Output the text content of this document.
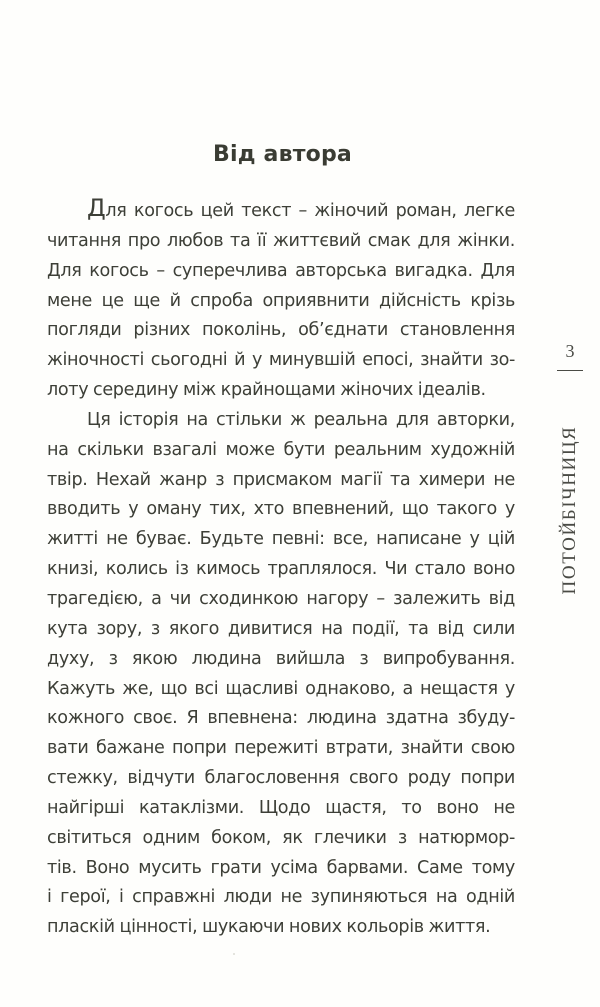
Від автора
Для когось цей текст – жіночий роман, легке
читання про любов та її життєвий смак для жінки.
Для когось – суперечлива авторська вигадка. Для
мене це ще й спроба оприявнити дійсність крізь
погляди різних поколінь, об’єднати становлення
жіночності сьогодні й у минувшій епосі, знайти зо-
лоту середину між крайнощами жіночих ідеалів.
Ця історія на стільки ж реальна для авторки,
на скільки взагалі може бути реальним художній
твір. Нехай жанр з присмаком магії та химери не
вводить у оману тих, хто впевнений, що такого у
житті не буває. Будьте певні: все, написане у цій
книзі, колись із кимось траплялося. Чи стало воно
трагедією, а чи сходинкою нагору – залежить від
кута зору, з якого дивитися на події, та від сили
духу, з якою людина вийшла з випробування.
Кажуть же, що всі щасливі однаково, а нещастя у
кожного своє. Я впевнена: людина здатна збуду-
вати бажане попри пережиті втрати, знайти свою
стежку, відчути благословення свого роду попри
найгірші катаклізми. Щодо щастя, то воно не
світиться одним боком, як глечики з натюрмор-
тів. Воно мусить грати усіма барвами. Саме тому
і герої, і справжні люди не зупиняються на одній
пласкій цінності, шукаючи нових кольорів життя.
3
ПОТОЙБІЧНИЦЯ
